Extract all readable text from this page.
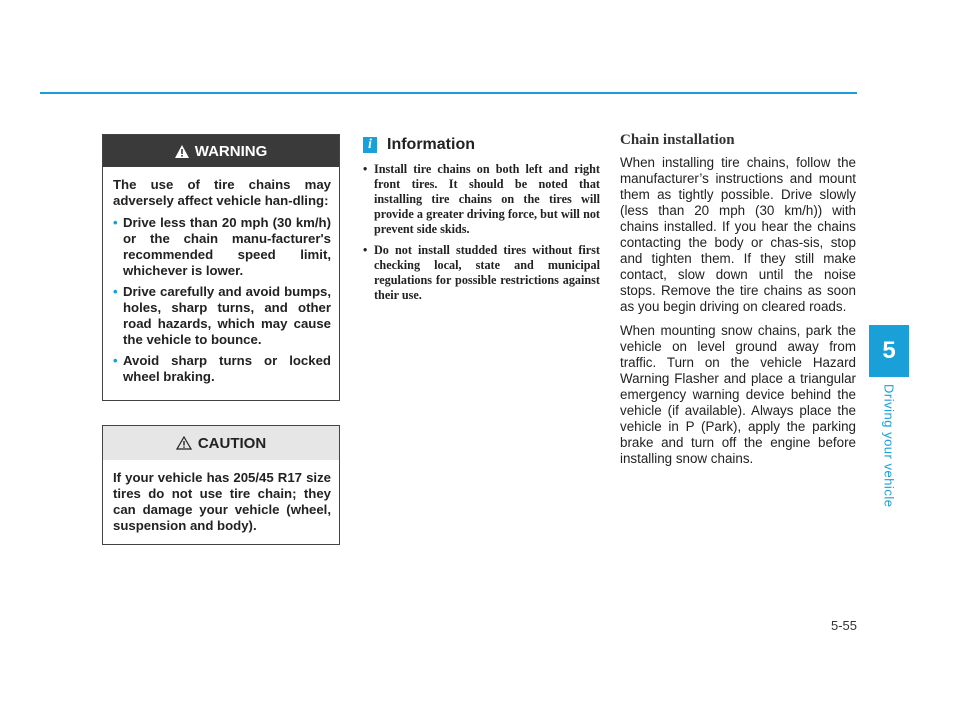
5
Driving your vehicle
WARNING
The use of tire chains may adversely affect vehicle han-dling:
• Drive less than 20 mph (30 km/h) or the chain manu-facturer's recommended speed limit, whichever is lower.
• Drive carefully and avoid bumps, holes, sharp turns, and other road hazards, which may cause the vehicle to bounce.
• Avoid sharp turns or locked wheel braking.
CAUTION
If your vehicle has 205/45 R17 size tires do not use tire chain; they can damage your vehicle (wheel, suspension and body).
i Information
• Install tire chains on both left and right front tires. It should be noted that installing tire chains on the tires will provide a greater driving force, but will not prevent side skids.
• Do not install studded tires without first checking local, state and municipal regulations for possible restrictions against their use.
Chain installation

When installing tire chains, follow the manufacturer’s instructions and mount them as tightly possible. Drive slowly (less than 20 mph (30 km/h)) with chains installed. If you hear the chains contacting the body or chas-sis, stop and tighten them. If they still make contact, slow down until the noise stops. Remove the tire chains as soon as you begin driving on cleared roads.

When mounting snow chains, park the vehicle on level ground away from traffic. Turn on the vehicle Hazard Warning Flasher and place a triangular emergency warning device behind the vehicle (if available). Always place the vehicle in P (Park), apply the parking brake and turn off the engine before installing snow chains.

5-55
